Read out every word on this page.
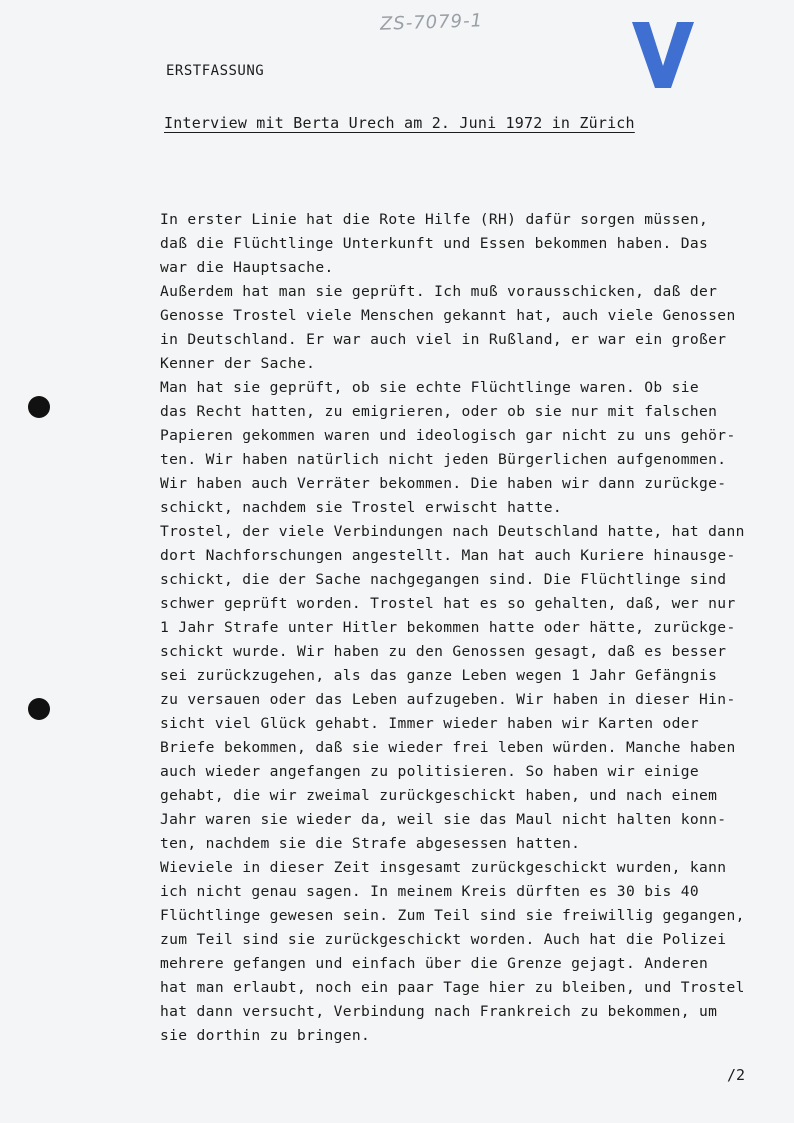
ZS-7079-1
ERSTFASSUNG
Interview mit Berta Urech am 2. Juni 1972 in Zürich
In erster Linie hat die Rote Hilfe (RH) dafür sorgen müssen,
daß die Flüchtlinge Unterkunft und Essen bekommen haben. Das
war die Hauptsache.
Außerdem hat man sie geprüft. Ich muß vorausschicken, daß der
Genosse Trostel viele Menschen gekannt hat, auch viele Genossen
in Deutschland. Er war auch viel in Rußland, er war ein großer
Kenner der Sache.
Man hat sie geprüft, ob sie echte Flüchtlinge waren. Ob sie
das Recht hatten, zu emigrieren, oder ob sie nur mit falschen
Papieren gekommen waren und ideologisch gar nicht zu uns gehör-
ten. Wir haben natürlich nicht jeden Bürgerlichen aufgenommen.
Wir haben auch Verräter bekommen. Die haben wir dann zurückge-
schickt, nachdem sie Trostel erwischt hatte.
Trostel, der viele Verbindungen nach Deutschland hatte, hat dann
dort Nachforschungen angestellt. Man hat auch Kuriere hinausge-
schickt, die der Sache nachgegangen sind. Die Flüchtlinge sind
schwer geprüft worden. Trostel hat es so gehalten, daß, wer nur
1 Jahr Strafe unter Hitler bekommen hatte oder hätte, zurückge-
schickt wurde. Wir haben zu den Genossen gesagt, daß es besser
sei zurückzugehen, als das ganze Leben wegen 1 Jahr Gefängnis
zu versauen oder das Leben aufzugeben. Wir haben in dieser Hin-
sicht viel Glück gehabt. Immer wieder haben wir Karten oder
Briefe bekommen, daß sie wieder frei leben würden. Manche haben
auch wieder angefangen zu politisieren. So haben wir einige
gehabt, die wir zweimal zurückgeschickt haben, und nach einem
Jahr waren sie wieder da, weil sie das Maul nicht halten konn-
ten, nachdem sie die Strafe abgesessen hatten.
Wieviele in dieser Zeit insgesamt zurückgeschickt wurden, kann
ich nicht genau sagen. In meinem Kreis dürften es 30 bis 40
Flüchtlinge gewesen sein. Zum Teil sind sie freiwillig gegangen,
zum Teil sind sie zurückgeschickt worden. Auch hat die Polizei
mehrere gefangen und einfach über die Grenze gejagt. Anderen
hat man erlaubt, noch ein paar Tage hier zu bleiben, und Trostel
hat dann versucht, Verbindung nach Frankreich zu bekommen, um
sie dorthin zu bringen.
/2
